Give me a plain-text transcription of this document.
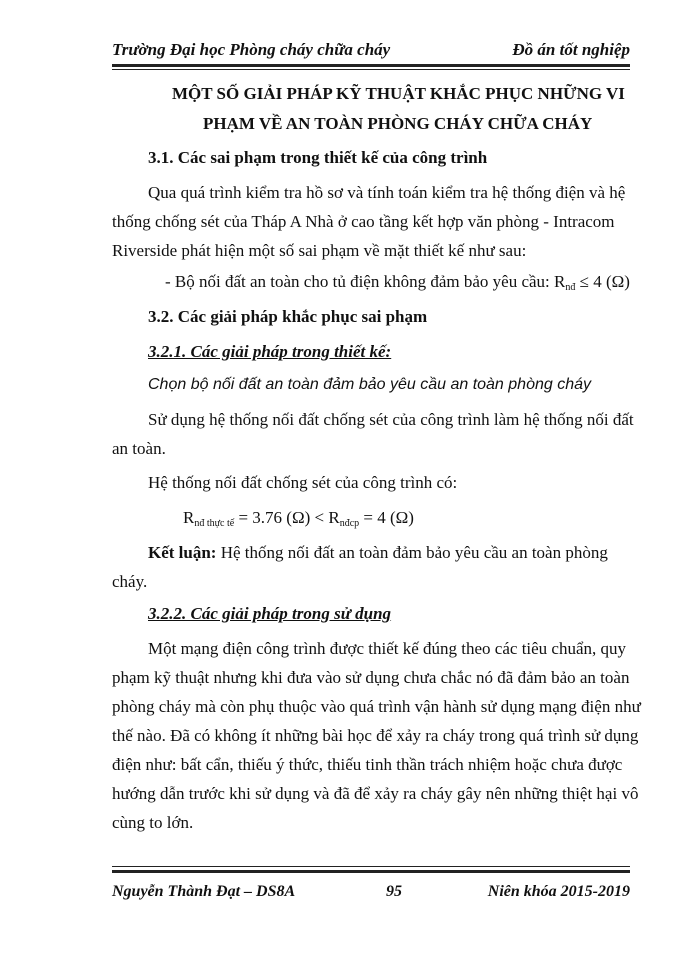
Trường Đại học Phòng cháy chữa cháy	Đồ án tốt nghiệp
MỘT SỐ GIẢI PHÁP KỸ THUẬT KHẮC PHỤC NHỮNG VI
PHẠM VỀ AN TOÀN PHÒNG CHÁY CHỮA CHÁY
3.1. Các sai phạm trong thiết kế của công trình
Qua quá trình kiểm tra hồ sơ và tính toán kiểm tra hệ thống điện và hệ
thống chống sét của Tháp A Nhà ở cao tầng kết hợp văn phòng - Intracom
Riverside phát hiện một số sai phạm về mặt thiết kế như sau:
- Bộ nối đất an toàn cho tủ điện không đảm bảo yêu cầu: $R_{nđ} \le 4$ (Ω)
3.2. Các giải pháp khắc phục sai phạm
3.2.1. Các giải pháp trong thiết kế:
Chọn bộ nối đất an toàn đảm bảo yêu cầu an toàn phòng cháy
Sử dụng hệ thống nối đất chống sét của công trình làm hệ thống nối đất
an toàn.
Hệ thống nối đất chống sét của công trình có:
$R_{nđ thực tế} = 3.76$ $(\Omega) < R_{nđcp} = 4$ (Ω)
Kết luận: Hệ thống nối đất an toàn đảm bảo yêu cầu an toàn phòng
cháy.
3.2.2. Các giải pháp trong sử dụng
Một mạng điện công trình được thiết kế đúng theo các tiêu chuẩn, quy
phạm kỹ thuật nhưng khi đưa vào sử dụng chưa chắc nó đã đảm bảo an toàn
phòng cháy mà còn phụ thuộc vào quá trình vận hành sử dụng mạng điện như
thế nào. Đã có không ít những bài học để xảy ra cháy trong quá trình sử dụng
điện như: bất cẩn, thiếu ý thức, thiếu tinh thần trách nhiệm hoặc chưa được
hướng dẫn trước khi sử dụng và đã để xảy ra cháy gây nên những thiệt hại vô
cùng to lớn.
Nguyễn Thành Đạt – DS8A	95	Niên khóa 2015-2019
